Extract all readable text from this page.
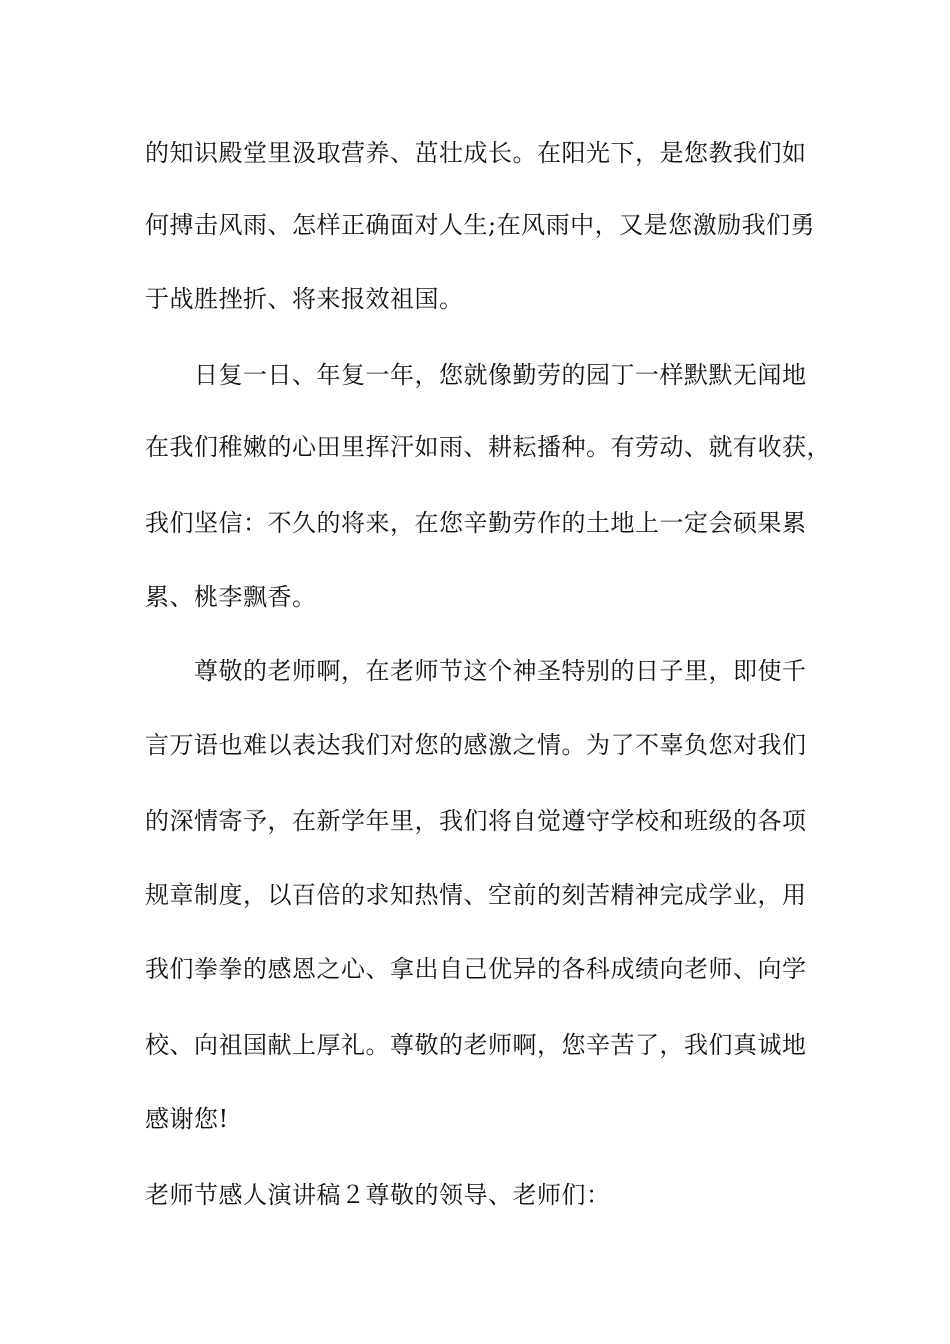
的知识殿堂里汲取营养、茁壮成长。在阳光下，是您教我们如
何搏击风雨、怎样正确面对人生;在风雨中，又是您激励我们勇
于战胜挫折、将来报效祖国。
　　日复一日、年复一年，您就像勤劳的园丁一样默默无闻地
在我们稚嫩的心田里挥汗如雨、耕耘播种。有劳动、就有收获，
我们坚信：不久的将来，在您辛勤劳作的土地上一定会硕果累
累、桃李飘香。
　　尊敬的老师啊，在老师节这个神圣特别的日子里，即使千
言万语也难以表达我们对您的感激之情。为了不辜负您对我们
的深情寄予，在新学年里，我们将自觉遵守学校和班级的各项
规章制度，以百倍的求知热情、空前的刻苦精神完成学业，用
我们拳拳的感恩之心、拿出自己优异的各科成绩向老师、向学
校、向祖国献上厚礼。尊敬的老师啊，您辛苦了，我们真诚地
感谢您!
老师节感人演讲稿２尊敬的领导、老师们：
